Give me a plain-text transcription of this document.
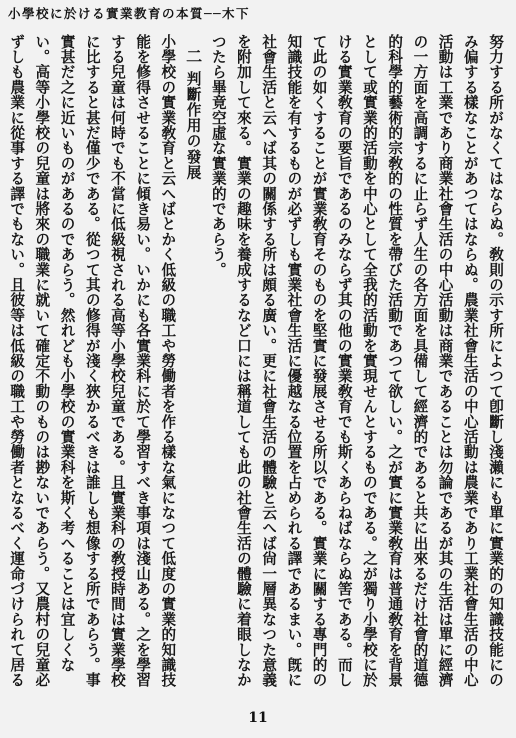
小學校に於ける實業教育の本質──木下

努力する所がなくてはならぬ。敎則の示す所によつて卽斷し淺瀨にも單に實業的の知識技能にのみ偏する樣なことがあつてはならぬ。農業社會生活の中心活動は農業であり工業社會生活の中心活動は工業であり商業社會生活の中心活動は商業であることは勿論であるが其の生活は單に經濟の一方面を高調するに止らず人生の各方面を具備して經濟的であると共に出來るだけ社會的道德的科學的藝術的宗敎的の性質を帶びた活動であつて欲しい。之が實に實業敎育は普通敎育を背景として或實業的活動を中心として全我的活動を實現せんとするものである。之が獨り小學校に於ける實業敎育の要旨であるのみならず其の他の實業敎育でも斯くあらねばならぬ筈である。而して此の如くすることが實業敎育そのものを堅實に發展させる所以である。實業に關する專門的の知識技能を有するものが必ずしも實業社會生活に優越なる位置を占められる譯であるまい。旣に社會生活と云へば其の關係する所は頗る廣い。更に社會生活の體驗と云へば尙一層異なつた意義を附加して來る。實業の趣味を養成するなど口には稱道しても此の社會生活の體驗に着眼しなかつたら畢竟空虛な實業的であらう。

二判斷作用の發展

小學校の實業敎育と云へばとかく低級の職工や勞働者を作る樣な氣になつて低度の實業的知識技能を修得させることに傾き易い。いかにも各實業科に於て學習すべき事項は淺山ある。之を學習する兒童は何時でも不當に低級視される高等小學校兒童である。且實業科の敎授時間は實業學校に比すると甚だ僅少である。從つて其の修得が淺く狹かるべきは誰しも想像する所であらう。事實甚だ之に近いものがあるのであらう。然れども小學校の實業科を斯く考へることは宜しくない。高等小學校の兒童は將來の職業に就いて確定不動のものは尠ないであらう。又農村の兒童必ずしも農業に從事する譯でもない。且彼等は低級の職工や勞働者となるべく運命づけられて居る

11
